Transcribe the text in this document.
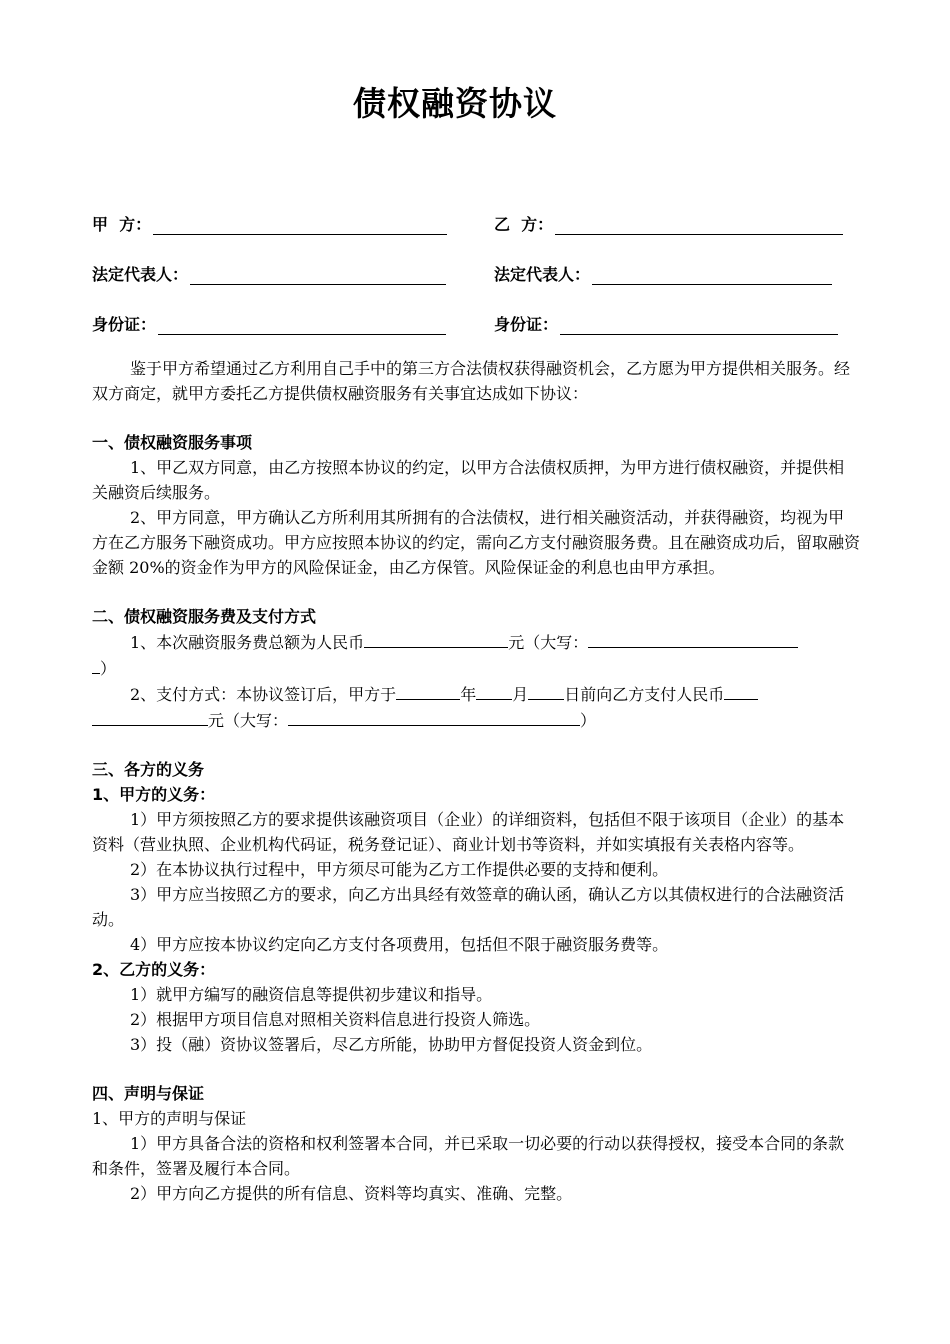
债权融资协议
甲  方：	乙  方：
法定代表人：	法定代表人：
身份证：	身份证：

鉴于甲方希望通过乙方利用自己手中的第三方合法债权获得融资机会，乙方愿为甲方提供相关服务。经双方商定，就甲方委托乙方提供债权融资服务有关事宜达成如下协议：

一、债权融资服务事项

1、甲乙双方同意，由乙方按照本协议的约定，以甲方合法债权质押，为甲方进行债权融资，并提供相关融资后续服务。

2、甲方同意，甲方确认乙方所利用其所拥有的合法债权，进行相关融资活动，并获得融资，均视为甲方在乙方服务下融资成功。甲方应按照本协议的约定，需向乙方支付融资服务费。且在融资成功后，留取融资金额 20%的资金作为甲方的风险保证金，由乙方保管。风险保证金的利息也由甲方承担。

二、债权融资服务费及支付方式

1、本次融资服务费总额为人民币	元（大写：
）

2、支付方式：本协议签订后，甲方于	年 月 日前向乙方支付人民币
元（大写：	）

三、各方的义务

1、甲方的义务：

1）甲方须按照乙方的要求提供该融资项目（企业）的详细资料，包括但不限于该项目（企业）的基本资料（营业执照、企业机构代码证，税务登记证）、商业计划书等资料，并如实填报有关表格内容等。

2）在本协议执行过程中，甲方须尽可能为乙方工作提供必要的支持和便利。

3）甲方应当按照乙方的要求，向乙方出具经有效签章的确认函，确认乙方以其债权进行的合法融资活动。

4）甲方应按本协议约定向乙方支付各项费用，包括但不限于融资服务费等。

2、乙方的义务：

1）就甲方编写的融资信息等提供初步建议和指导。

2）根据甲方项目信息对照相关资料信息进行投资人筛选。

3）投（融）资协议签署后，尽乙方所能，协助甲方督促投资人资金到位。

四、声明与保证

1、甲方的声明与保证

1）甲方具备合法的资格和权利签署本合同，并已采取一切必要的行动以获得授权，接受本合同的条款和条件，签署及履行本合同。

2）甲方向乙方提供的所有信息、资料等均真实、准确、完整。
